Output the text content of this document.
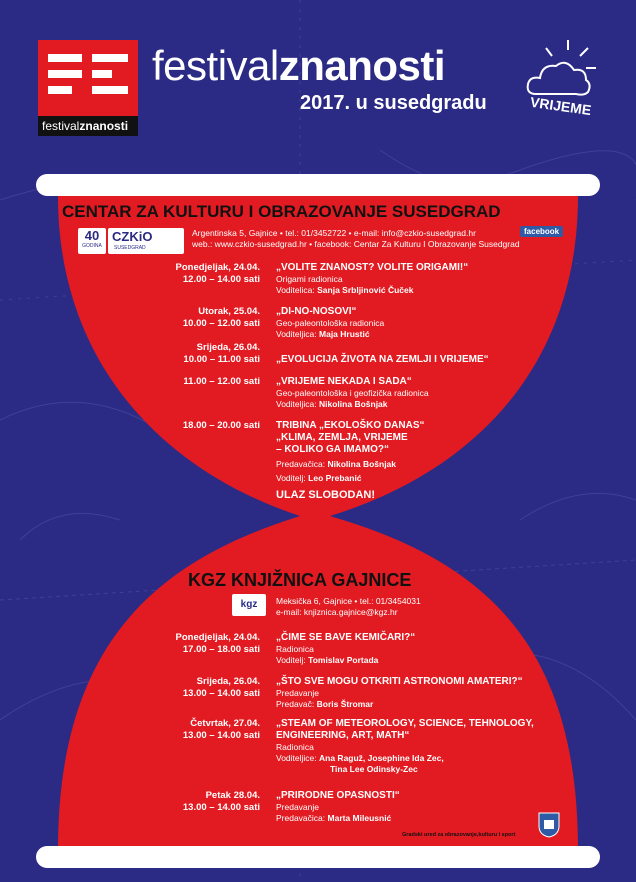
festivalznanosti
festivalznanosti
2017. u susedgradu	VRIJEME
CENTAR ZA KULTURU I OBRAZOVANJE SUSEDGRAD
40
GODINA
CZKiO
SUSEDGRAD
Argentinska 5, Gajnice • tel.: 01/3452722 • e-mail: info@czkio-susedgrad.hr
web.: www.czkio-susedgrad.hr • facebook: Centar Za Kulturu I Obrazovanje Susedgrad
facebook
Ponedjeljak, 24.04.
12.00 – 14.00 sati
„VOLITE ZNANOST? VOLITE ORIGAMI!“
Origami radionica
Voditelica: Sanja Srbljinović Čuček
Utorak, 25.04.
10.00 – 12.00 sati
„DI-NO-NOSOVI“
Geo-paleontološka radionica
Voditeljica: Maja Hrustić
Srijeda, 26.04.
10.00 – 11.00 sati „EVOLUCIJA ŽIVOTA NA ZEMLJI I VRIJEME“
11.00 – 12.00 sati „VRIJEME NEKADA I SADA“
Geo-paleontološka i geofizička radionica
Voditeljica: Nikolina Bošnjak
18.00 – 20.00 sati TRIBINA „EKOLOŠKO DANAS“
„KLIMA, ZEMLJA, VRIJEME
– KOLIKO GA IMAMO?“
Predavačica: Nikolina Bošnjak
Voditelj: Leo Prebanić
ULAZ SLOBODAN!
KGZ KNJIŽNICA GAJNICE
kgz	Meksička 6, Gajnice • tel.: 01/3454031
e-mail: knjiznica.gajnice@kgz.hr
Ponedjeljak, 24.04.
17.00 – 18.00 sati
„ČIME SE BAVE KEMIČARI?“
Radionica
Voditelj: Tomislav Portada
Srijeda, 26.04.
13.00 – 14.00 sati
„ŠTO SVE MOGU OTKRITI ASTRONOMI AMATERI?“
Predavanje
Predavač: Boris Štromar
Četvrtak, 27.04.
13.00 – 14.00 sati
„STEAM OF METEOROLOGY, SCIENCE, TEHNOLOGY, ENGINEERING, ART, MATH“
Radionica
Voditeljice: Ana Raguž, Josephine Ida Zec,
Tina Lee Odinsky-Zec
Petak 28.04.
13.00 – 14.00 sati
„PRIRODNE OPASNOSTI“
Predavanje
Predavačica: Marta Mileusnić
Gradski ured za obrazovanje,kulturu i sport
